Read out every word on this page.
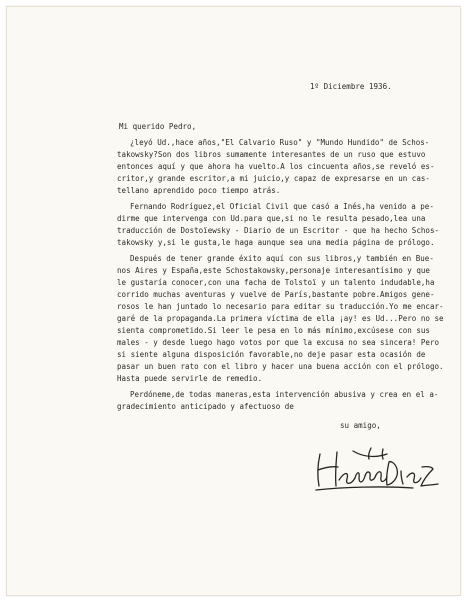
1º Diciembre 1936.
Mi querido Pedro,
¿leyó Ud.,hace años,"El Calvario Ruso" y "Mundo Hundido" de Schos-
takowsky?Son dos libros sumamente interesantes de un ruso que estuvo
entonces aquí y que ahora ha vuelto.A los cincuenta años,se reveló es-
critor,y grande escritor,a mi juicio,y capaz de expresarse en un cas-
tellano aprendido poco tiempo atrás.
Fernando Rodríguez,el Oficial Civil que casó a Inés,ha venido a pe-
dirme que intervenga con Ud.para que,si no le resulta pesado,lea una
traducción de Dostoïewsky - Diario de un Escritor - que ha hecho Schos-
takowsky y,si le gusta,le haga aunque sea una media página de prólogo.
Después de tener grande éxito aquí con sus libros,y también en Bue-
nos Aires y España,este Schostakowsky,personaje interesantísimo y que
le gustaría conocer,con una facha de Tolstoï y un talento indudable,ha
corrido muchas aventuras y vuelve de París,bastante pobre.Amigos gene-
rosos le han juntado lo necesario para editar su traducción.Yo me encar-
garé de la propaganda.La primera víctima de ella ¡ay! es Ud...Pero no se
sienta comprometido.Si leer le pesa en lo más mínimo,excúsese con sus
males - y desde luego hago votos por que la excusa no sea sincera! Pero
si siente alguna disposición favorable,no deje pasar esta ocasión de
pasar un buen rato con el libro y hacer una buena acción con el prólogo.
Hasta puede servirle de remedio.
Perdóneme,de todas maneras,esta intervención abusiva y crea en el a-
gradecimiento anticipado y afectuoso de
su amigo,
